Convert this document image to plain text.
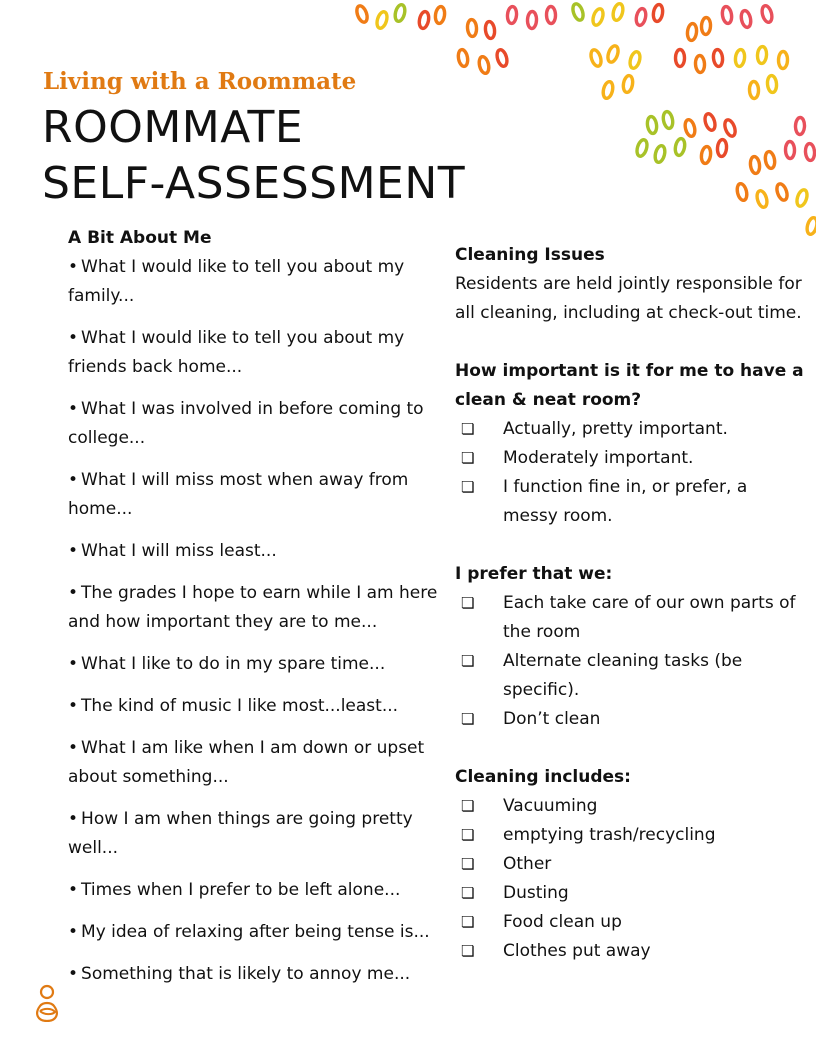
Living with a Roommate
ROOMMATE
SELF-ASSESSMENT
A Bit About Me
• What I would like to tell you about my family...
• What I would like to tell you about my friends back home...
• What I was involved in before coming to college...
• What I will miss most when away from home...
• What I will miss least...
• The grades I hope to earn while I am here and how important they are to me...
• What I like to do in my spare time...
• The kind of music I like most...least...
• What I am like when I am down or upset about something...
• How I am when things are going pretty well...
• Times when I prefer to be left alone...
• My idea of relaxing after being tense is...
• Something that is likely to annoy me...
Cleaning Issues

Residents are held jointly responsible for all cleaning, including at check-out time.

How important is it for me to have a clean & neat room?
❏	Actually, pretty important.
❏	Moderately important.
❏	I function fine in, or prefer, a messy room.
I prefer that we:
❏	Each take care of our own parts of the room
❏	Alternate cleaning tasks (be specific).
❏	Don’t clean
Cleaning includes:
❏	Vacuuming
❏	emptying trash/recycling
❏	Other
❏	Dusting
❏	Food clean up
❏	Clothes put away
